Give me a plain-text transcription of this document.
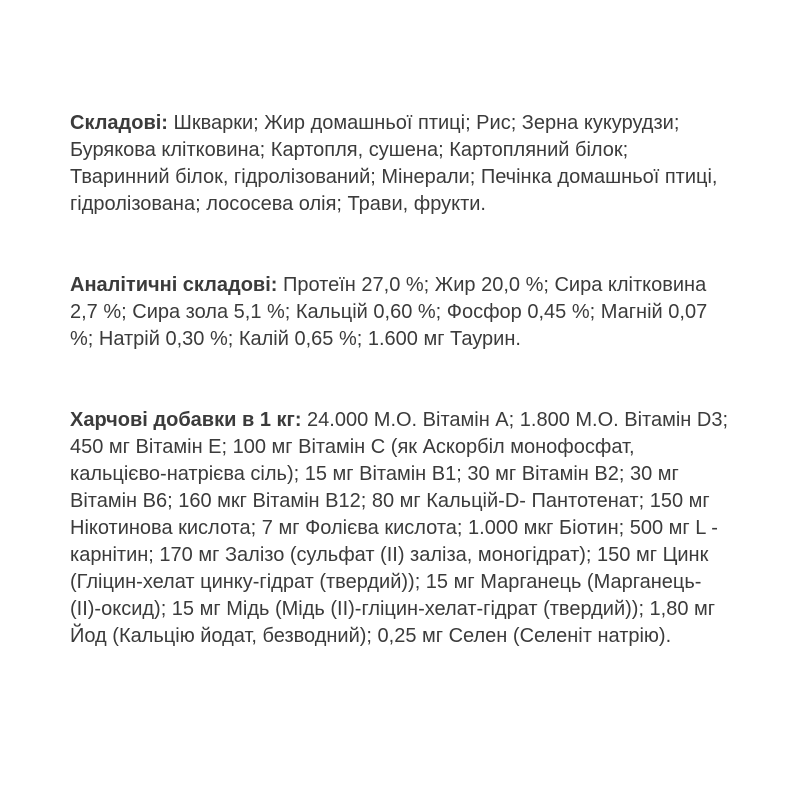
Складові: Шкварки; Жир домашньої птиці; Рис; Зерна кукурудзи; Бурякова клітковина; Картопля, сушена; Картопляний білок; Тваринний білок, гідролізований; Мінерали; Печінка домашньої птиці, гідролізована; лососева олія; Трави, фрукти.

Аналітичні складові: Протеїн 27,0 %; Жир 20,0 %; Сира клітковина 2,7 %; Сира зола 5,1 %; Кальцій 0,60 %; Фосфор 0,45 %; Магній 0,07 %; Натрій 0,30 %; Калій 0,65 %; 1.600 мг Таурин.

Харчові добавки в 1 кг: 24.000 М.О. Вітамін A; 1.800 М.О. Вітамін D3; 450 мг Вітамін E; 100 мг Вітамін C (як Аскорбіл монофосфат, кальцієво-натрієва сіль); 15 мг Вітамін B1; 30 мг Вітамін B2; 30 мг Вітамін B6; 160 мкг Вітамін B12; 80 мг Кальцій-D- Пантотенат; 150 мг Нікотинова кислота; 7 мг Фолієва кислота; 1.000 мкг Біотин; 500 мг L - карнітин; 170 мг Залізо (сульфат (II) заліза, моногідрат); 150 мг Цинк (Гліцин-хелат цинку-гідрат (твердий)); 15 мг Марганець (Марганець-(II)-оксид); 15 мг Мідь (Мідь (II)-гліцин-хелат-гідрат (твердий)); 1,80 мг Йод (Кальцію йодат, безводний); 0,25 мг Селен (Селеніт натрію).
